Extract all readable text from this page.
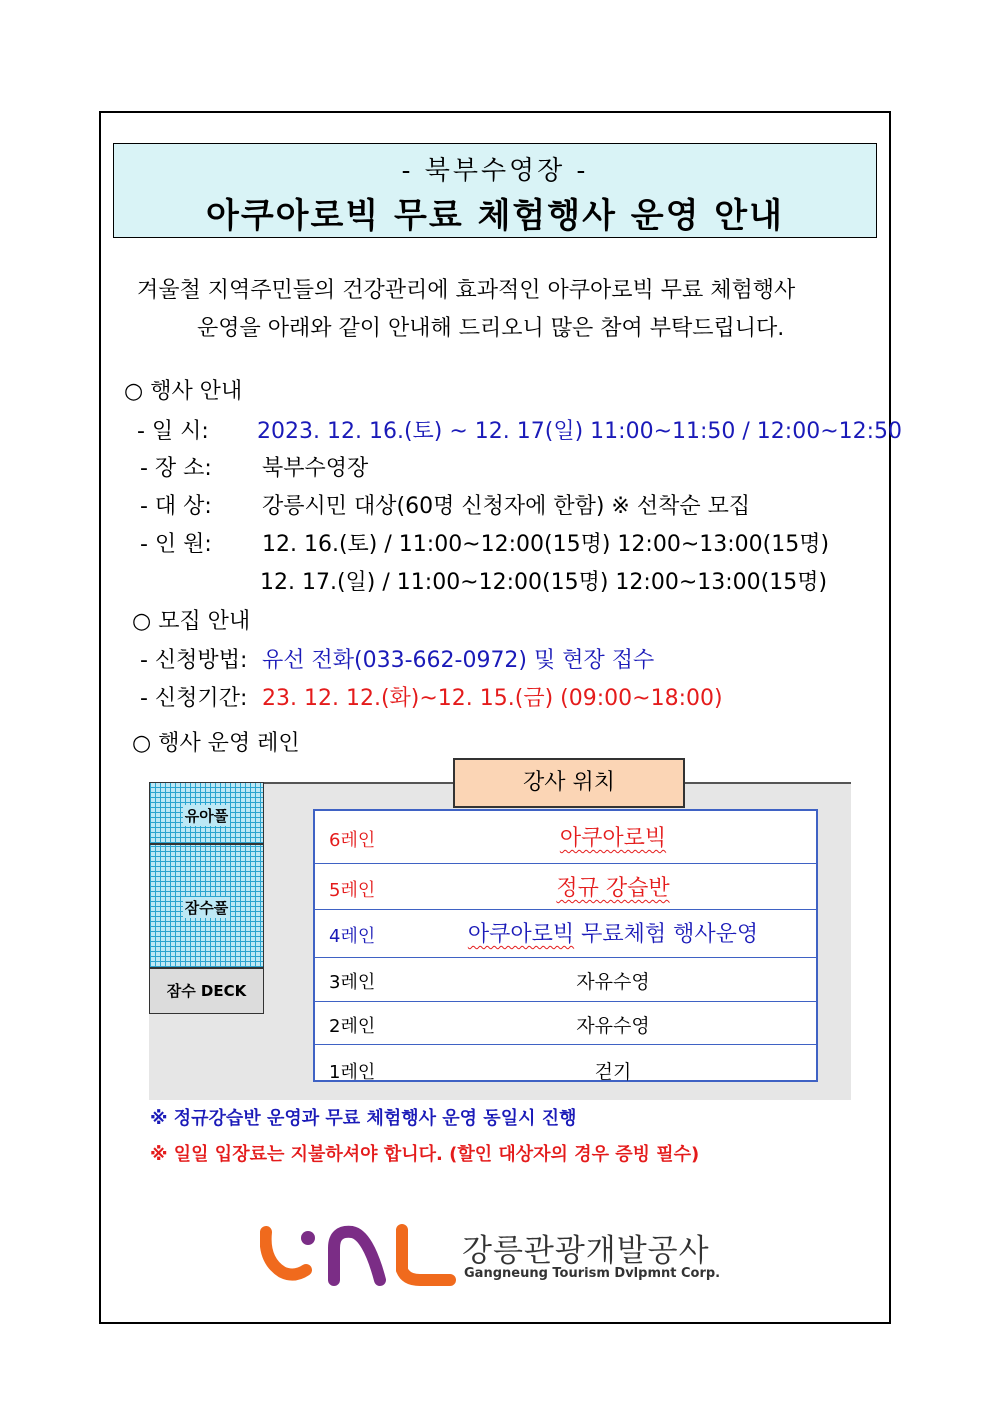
- 북부수영장 -
아쿠아로빅 무료 체험행사 운영 안내
겨울철 지역주민들의 건강관리에 효과적인 아쿠아로빅 무료 체험행사
운영을 아래와 같이 안내해 드리오니 많은 참여 부탁드립니다.
○ 행사 안내
- 일 시: 2023. 12. 16.(토) ~ 12. 17(일) 11:00~11:50 / 12:00~12:50
- 장 소: 북부수영장
- 대 상: 강릉시민 대상(60명 신청자에 한함) ※ 선착순 모집
- 인 원: 12. 16.(토) / 11:00~12:00(15명) 12:00~13:00(15명)
12. 17.(일) / 11:00~12:00(15명) 12:00~13:00(15명)
○ 모집 안내
- 신청방법: 유선 전화(033-662-0972) 및 현장 접수
- 신청기간: 23. 12. 12.(화)~12. 15.(금) (09:00~18:00)
○ 행사 운영 레인
유아풀
잠수풀
잠수 DECK
강사 위치
6레인	아쿠아로빅
5레인	정규 강습반
4레인	아쿠아로빅 무료체험 행사운영
3레인	자유수영
2레인	자유수영
1레인	걷기
※ 정규강습반 운영과 무료 체험행사 운영 동일시 진행
※ 일일 입장료는 지불하셔야 합니다. (할인 대상자의 경우 증빙 필수)
강릉관광개발공사
Gangneung Tourism Dvlpmnt Corp.
